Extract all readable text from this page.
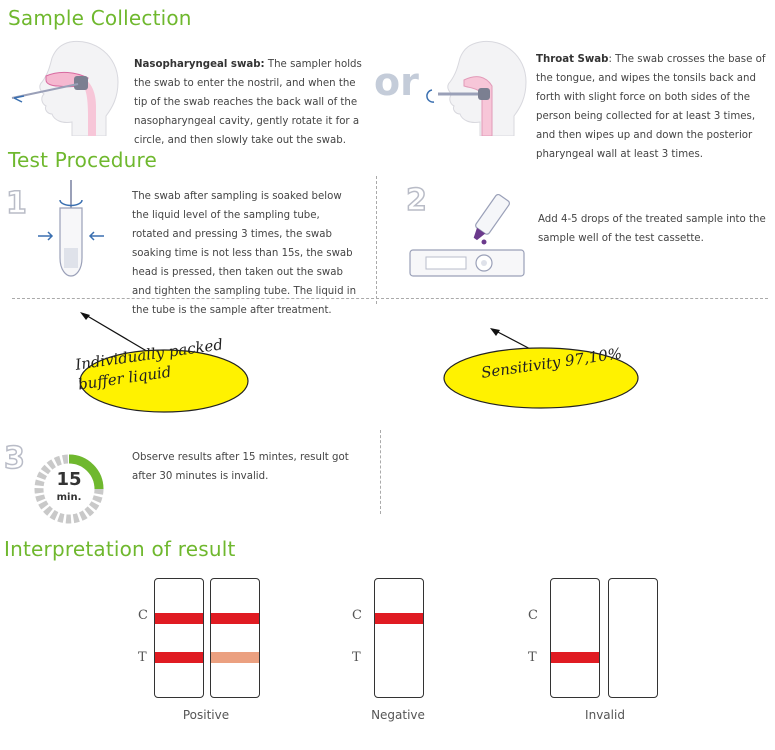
Sample Collection
Nasopharyngeal swab: The sampler holds the swab to enter the nostril, and when the tip of the swab reaches the back wall of the nasopharyngeal cavity, gently rotate it for a circle, and then slowly take out the swab.
or
Throat Swab: The swab crosses the base of the tongue, and wipes the tonsils back and forth with slight force on both sides of the person being collected for at least 3 times, and then wipes up and down the posterior pharyngeal wall at least 3 times.
Test Procedure
1	The swab after sampling is soaked below the liquid level of the sampling tube, rotated and pressing 3 times, the swab soaking time is not less than 15s, the swab head is pressed, then taken out the swab and tighten the sampling tube. The liquid in the tube is the sample after treatment.
2
Add 4-5 drops of the treated sample into the sample well of the test cassette.
Individually packed buffer liquid	Sensitivity 97,10%
3
15
min.
Observe results after 15 mintes, result got after 30 minutes is invalid.
Interpretation of result
C
T
Positive
C
T
Negative
C
T
Invalid
